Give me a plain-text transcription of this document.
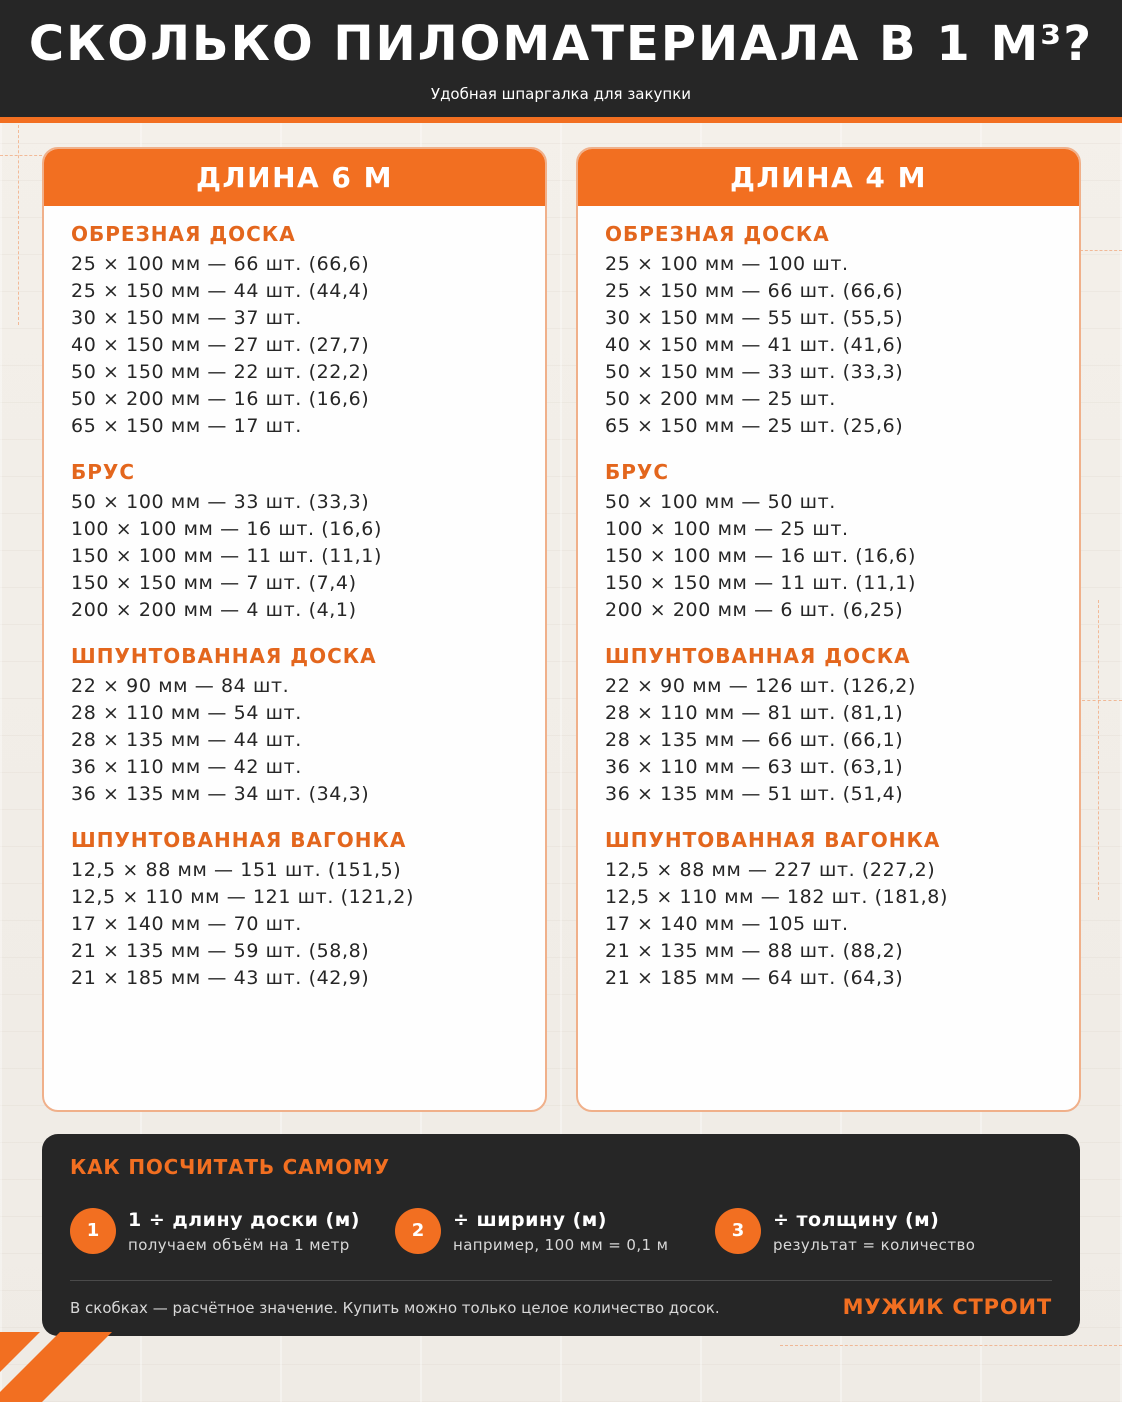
СКОЛЬКО ПИЛОМАТЕРИАЛА В 1 М³?
Удобная шпаргалка для закупки
ДЛИНА 6 М
ОБРЕЗНАЯ ДОСКА
25 × 100 мм — 66 шт. (66,6)
25 × 150 мм — 44 шт. (44,4)
30 × 150 мм — 37 шт.
40 × 150 мм — 27 шт. (27,7)
50 × 150 мм — 22 шт. (22,2)
50 × 200 мм — 16 шт. (16,6)
65 × 150 мм — 17 шт.
БРУС
50 × 100 мм — 33 шт. (33,3)
100 × 100 мм — 16 шт. (16,6)
150 × 100 мм — 11 шт. (11,1)
150 × 150 мм — 7 шт. (7,4)
200 × 200 мм — 4 шт. (4,1)
ШПУНТОВАННАЯ ДОСКА
22 × 90 мм — 84 шт.
28 × 110 мм — 54 шт.
28 × 135 мм — 44 шт.
36 × 110 мм — 42 шт.
36 × 135 мм — 34 шт. (34,3)
ШПУНТОВАННАЯ ВАГОНКА
12,5 × 88 мм — 151 шт. (151,5)
12,5 × 110 мм — 121 шт. (121,2)
17 × 140 мм — 70 шт.
21 × 135 мм — 59 шт. (58,8)
21 × 185 мм — 43 шт. (42,9)
ДЛИНА 4 М
ОБРЕЗНАЯ ДОСКА
25 × 100 мм — 100 шт.
25 × 150 мм — 66 шт. (66,6)
30 × 150 мм — 55 шт. (55,5)
40 × 150 мм — 41 шт. (41,6)
50 × 150 мм — 33 шт. (33,3)
50 × 200 мм — 25 шт.
65 × 150 мм — 25 шт. (25,6)
БРУС
50 × 100 мм — 50 шт.
100 × 100 мм — 25 шт.
150 × 100 мм — 16 шт. (16,6)
150 × 150 мм — 11 шт. (11,1)
200 × 200 мм — 6 шт. (6,25)
ШПУНТОВАННАЯ ДОСКА
22 × 90 мм — 126 шт. (126,2)
28 × 110 мм — 81 шт. (81,1)
28 × 135 мм — 66 шт. (66,1)
36 × 110 мм — 63 шт. (63,1)
36 × 135 мм — 51 шт. (51,4)
ШПУНТОВАННАЯ ВАГОНКА
12,5 × 88 мм — 227 шт. (227,2)
12,5 × 110 мм — 182 шт. (181,8)
17 × 140 мм — 105 шт.
21 × 135 мм — 88 шт. (88,2)
21 × 185 мм — 64 шт. (64,3)
КАК ПОСЧИТАТЬ САМОМУ
1	1 ÷ длину доски (м)
получаем объём на 1 метр
2	÷ ширину (м)
например, 100 мм = 0,1 м
3	÷ толщину (м)
результат = количество
В скобках — расчётное значение. Купить можно только целое количество досок.	МУЖИК СТРОИТ
